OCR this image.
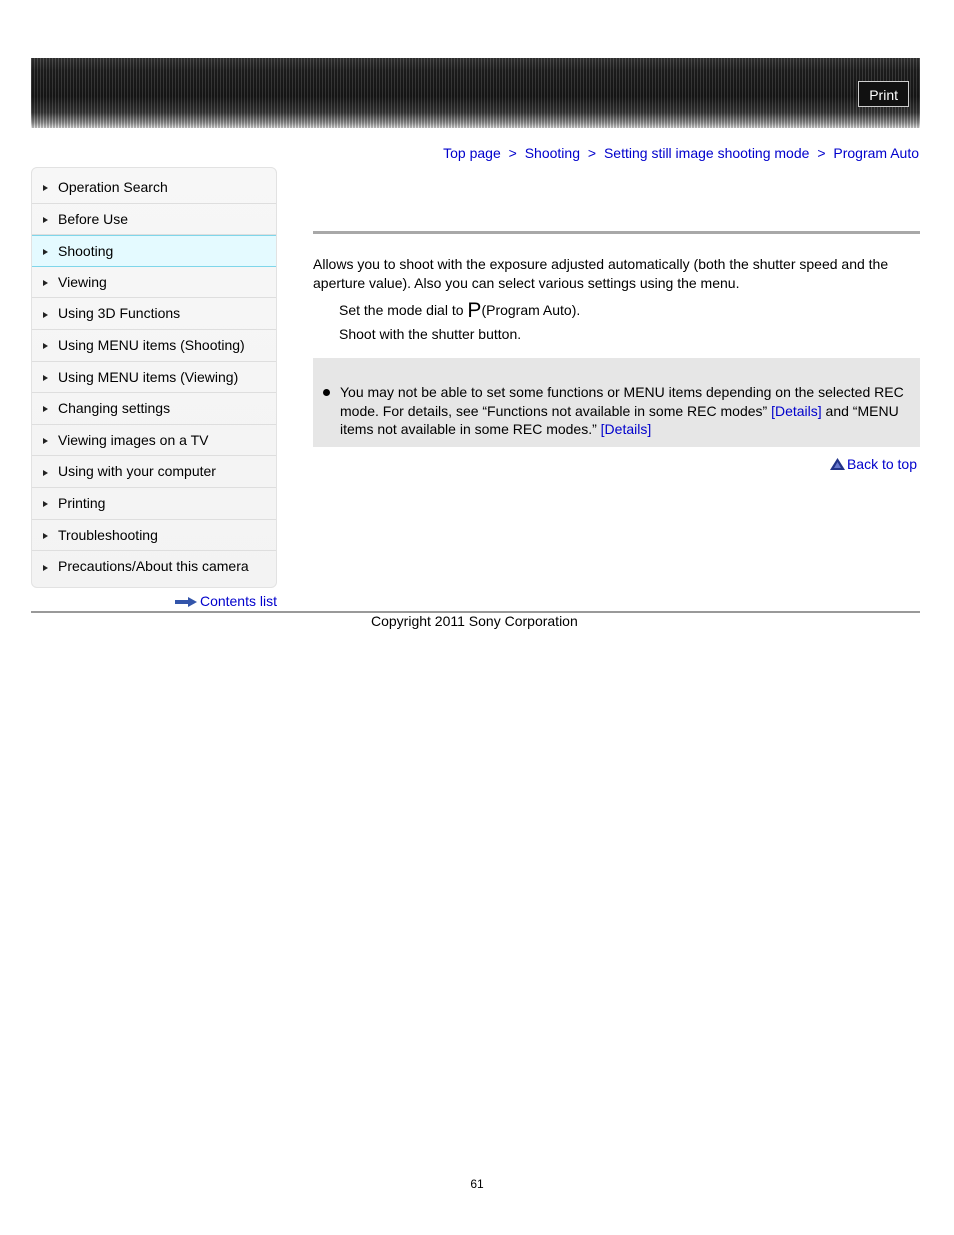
Print
Top page > Shooting > Setting still image shooting mode > Program Auto
Operation Search
Before Use
Shooting
Viewing
Using 3D Functions
Using MENU items (Shooting)
Using MENU items (Viewing)
Changing settings
Viewing images on a TV
Using with your computer
Printing
Troubleshooting
Precautions/About this camera
Contents list
Allows you to shoot with the exposure adjusted automatically (both the shutter speed and the aperture value). Also you can select various settings using the menu.
Set the mode dial to P(Program Auto).
Shoot with the shutter button.
You may not be able to set some functions or MENU items depending on the selected REC mode. For details, see “Functions not available in some REC modes” [Details] and “MENU items not available in some REC modes.” [Details]
Back to top
Copyright 2011 Sony Corporation
61
